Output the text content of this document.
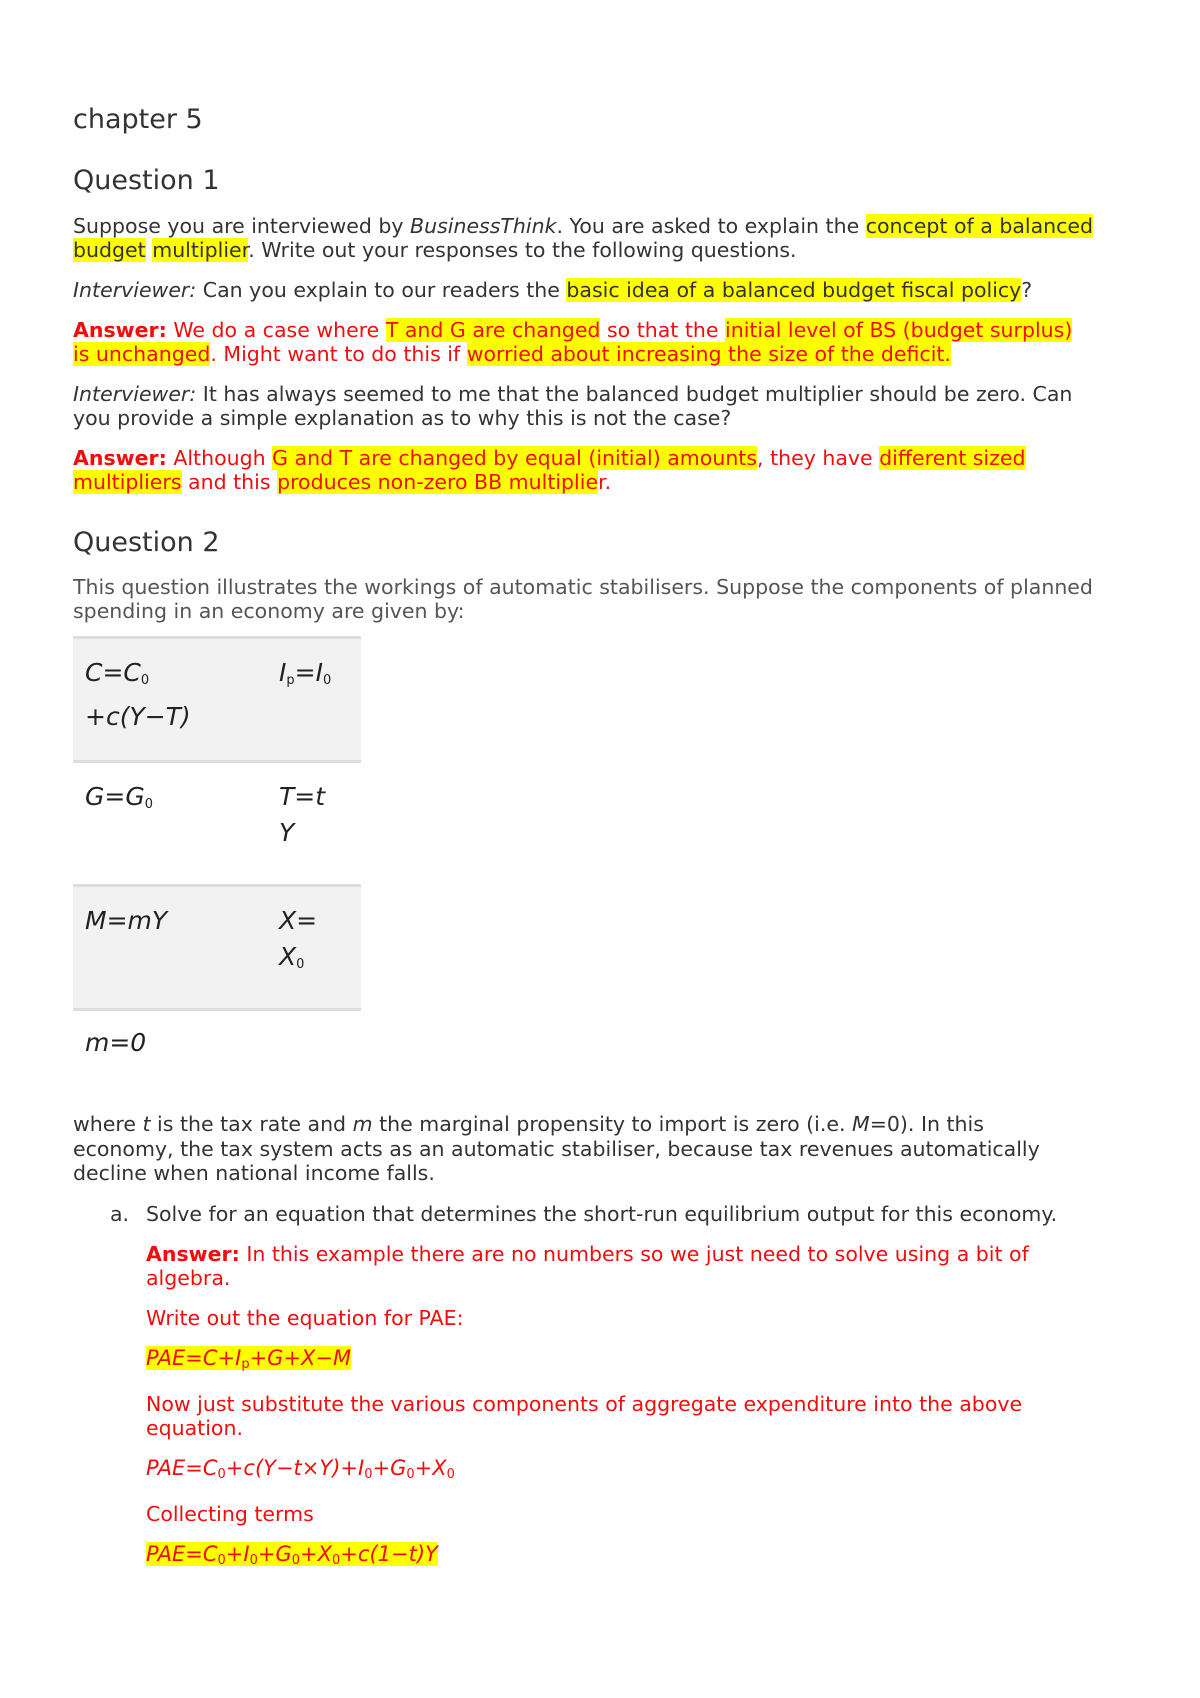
chapter 5
Question 1
Suppose you are interviewed by BusinessThink. You are asked to explain the concept of a balanced
budget multiplier. Write out your responses to the following questions.
Interviewer: Can you explain to our readers the basic idea of a balanced budget fiscal policy?
Answer: We do a case where T and G are changed so that the initial level of BS (budget surplus)
is unchanged. Might want to do this if worried about increasing the size of the deficit.
Interviewer: It has always seemed to me that the balanced budget multiplier should be zero. Can
you provide a simple explanation as to why this is not the case?
Answer: Although G and T are changed by equal (initial) amounts, they have different sized
multipliers and this produces non-zero BB multiplier.
Question 2
This question illustrates the workings of automatic stabilisers. Suppose the components of planned
spending in an economy are given by:
$C=C_0$
+c(Y−T)	$I_p=I_0$
$G=G_0$	T=t
Y
M=mY	X=
$X_0$
m=0	
where t is the tax rate and m the marginal propensity to import is zero (i.e. M=0). In this
economy, the tax system acts as an automatic stabiliser, because tax revenues automatically
decline when national income falls.
a. Solve for an equation that determines the short-run equilibrium output for this economy.
Answer: In this example there are no numbers so we just need to solve using a bit of
algebra.
Write out the equation for PAE:
$PAE=C+I_p+G+X-M$
Now just substitute the various components of aggregate expenditure into the above
equation.
$PAE=C_0+c(Y-t\times Y)+I_0+G_0+X_0$
Collecting terms
$PAE=C_0+I_0+G_0+X_0+c(1-t)Y$
